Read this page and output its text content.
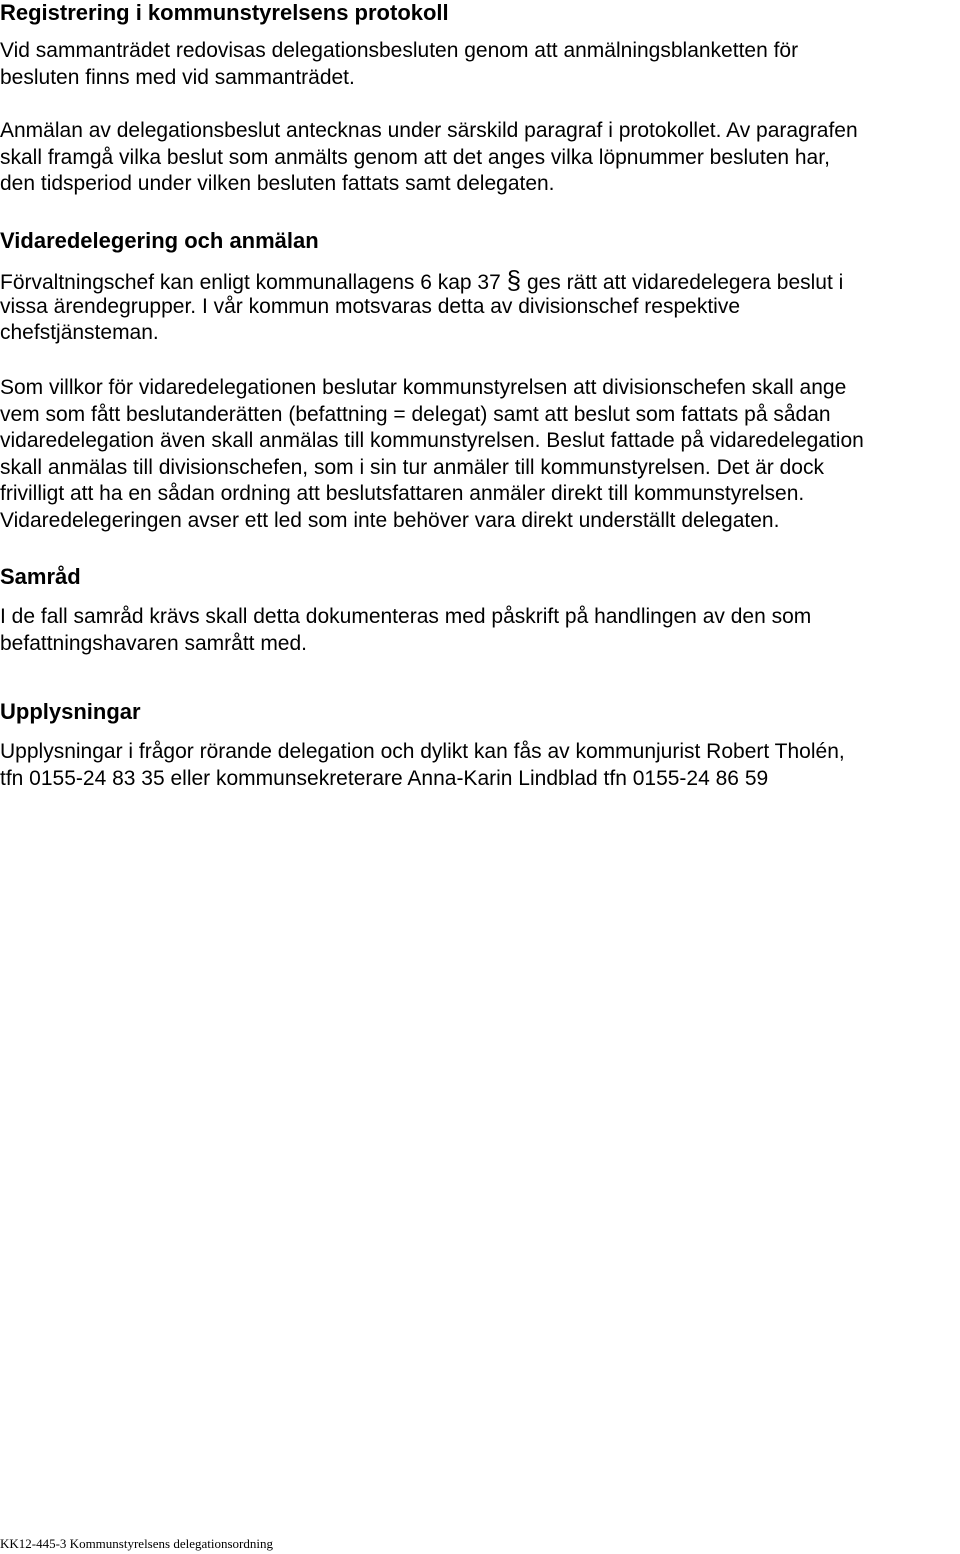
Registrering i kommunstyrelsens protokoll
Vid sammanträdet redovisas delegationsbesluten genom att anmälningsblanketten för
besluten finns med vid sammanträdet.
Anmälan av delegationsbeslut antecknas under särskild paragraf i protokollet. Av paragrafen
skall framgå vilka beslut som anmälts genom att det anges vilka löpnummer besluten har,
den tidsperiod under vilken besluten fattats samt delegaten.
Vidaredelegering och anmälan
Förvaltningschef kan enligt kommunallagens 6 kap 37 § ges rätt att vidaredelegera beslut i
vissa ärendegrupper. I vår kommun motsvaras detta av divisionschef respektive
chefstjänsteman.
Som villkor för vidaredelegationen beslutar kommunstyrelsen att divisionschefen skall ange
vem som fått beslutanderätten (befattning = delegat) samt att beslut som fattats på sådan
vidaredelegation även skall anmälas till kommunstyrelsen. Beslut fattade på vidaredelegation
skall anmälas till divisionschefen, som i sin tur anmäler till kommunstyrelsen. Det är dock
frivilligt att ha en sådan ordning att beslutsfattaren anmäler direkt till kommunstyrelsen.
Vidaredelegeringen avser ett led som inte behöver vara direkt underställt delegaten.
Samråd
I de fall samråd krävs skall detta dokumenteras med påskrift på handlingen av den som
befattningshavaren samrått med.
Upplysningar
Upplysningar i frågor rörande delegation och dylikt kan fås av kommunjurist Robert Tholén,
tfn 0155-24 83 35 eller kommunsekreterare Anna-Karin Lindblad tfn 0155-24 86 59
KK12-445-3 Kommunstyrelsens delegationsordning
